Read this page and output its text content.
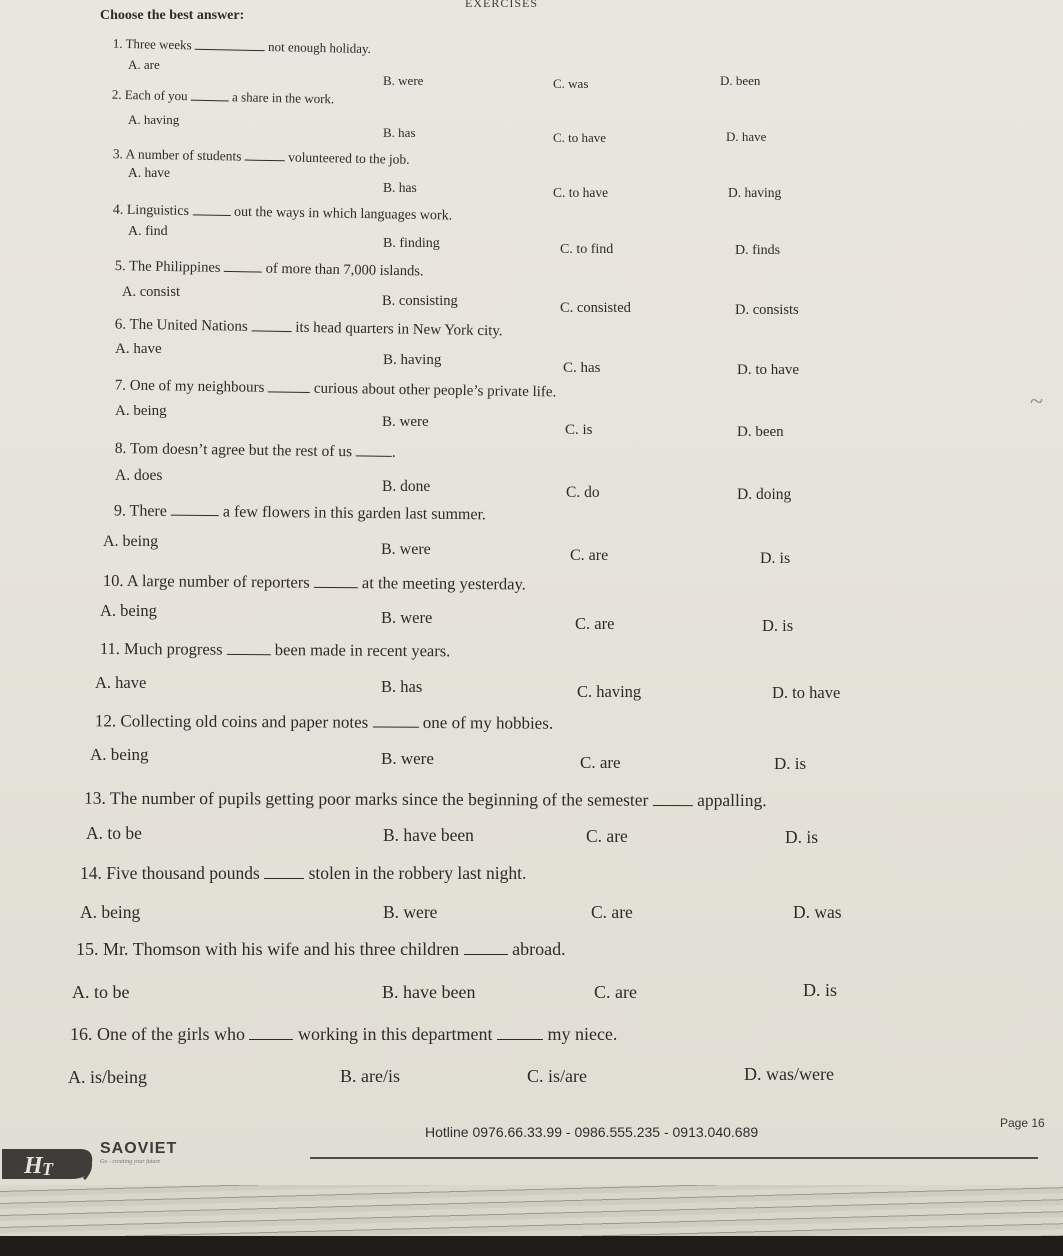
EXERCISES
Choose the best answer:
~
1. Three weeks	not enough holiday.
A. are
B. were	C. was	D. been
2. Each of you	a share in the work.
A. having
B. has	C. to have	D. have
3. A number of students	volunteered to the job.
A. have
B. has	C. to have	D. having
4. Linguistics	out the ways in which languages work.
A. find
B. finding	C. to find	D. finds
5. The Philippines	of more than 7,000 islands.
A. consist
B. consisting	C. consisted	D. consists
6. The United Nations	its head quarters in New York city.
A. have
B. having	C. has	D. to have
7. One of my neighbours	curious about other people’s private life.
A. being
B. were	C. is	D. been
8. Tom doesn’t agree but the rest of us	.
A. does
B. done	C. do	D. doing
9. There	a few flowers in this garden last summer.
A. being	B. were	C. are	D. is
10. A large number of reporters	at the meeting yesterday.
A. being	B. were	C. are	D. is
11. Much progress	been made in recent years.
A. have	B. has	C. having	D. to have
12. Collecting old coins and paper notes	one of my hobbies.
A. being	B. were	C. are	D. is
13. The number of pupils getting poor marks since the beginning of the semester	appalling.
A. to be	B. have been	C. are	D. is
14. Five thousand pounds	stolen in the robbery last night.
A. being	B. were	C. are	D. was
15. Mr. Thomson with his wife and his three children	abroad.
A. to be	B. have been	C. are	D. is
16. One of the girls who	working in this department	my niece.
A. is/being	B. are/is	C. is/are	D. was/were
Hotline 0976.66.33.99 - 0986.555.235 - 0913.040.689
Page 16
H T
SAOVIET
Go - creating your future
